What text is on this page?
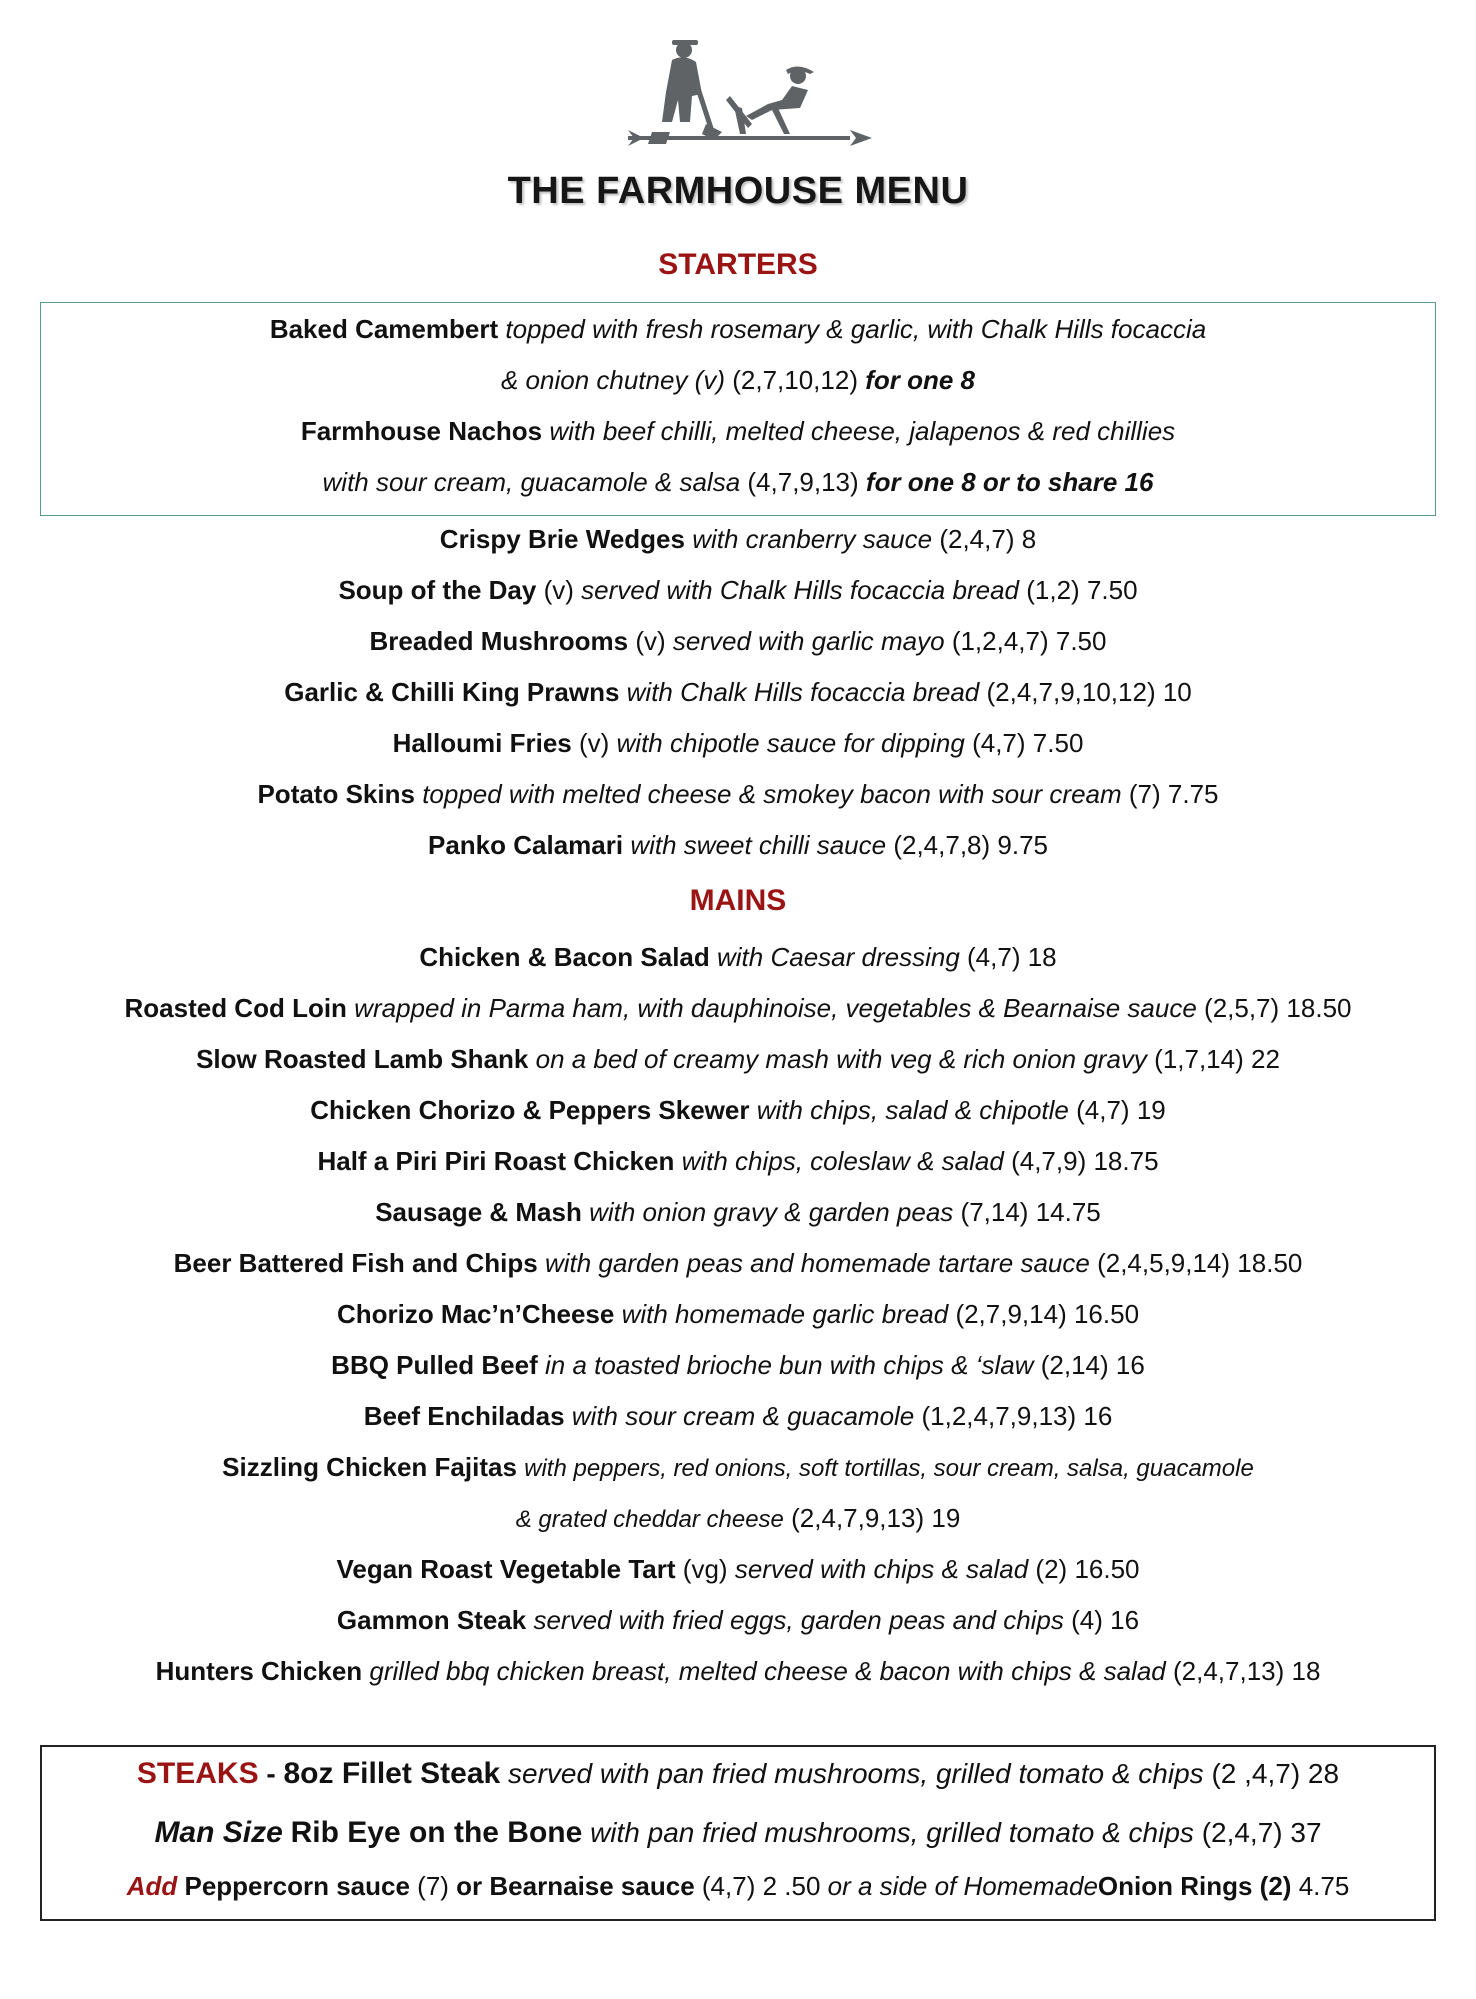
THE FARMHOUSE MENU
STARTERS
Baked Camembert topped with fresh rosemary & garlic, with Chalk Hills focaccia
& onion chutney (v) (2,7,10,12) for one 8
Farmhouse Nachos with beef chilli, melted cheese, jalapenos & red chillies
with sour cream, guacamole & salsa (4,7,9,13) for one 8 or to share 16
Crispy Brie Wedges with cranberry sauce (2,4,7) 8
Soup of the Day (v) served with Chalk Hills focaccia bread (1,2) 7.50
Breaded Mushrooms (v) served with garlic mayo (1,2,4,7) 7.50
Garlic & Chilli King Prawns with Chalk Hills focaccia bread (2,4,7,9,10,12) 10
Halloumi Fries (v) with chipotle sauce for dipping (4,7) 7.50
Potato Skins topped with melted cheese & smokey bacon with sour cream (7) 7.75
Panko Calamari with sweet chilli sauce (2,4,7,8) 9.75
MAINS
Chicken & Bacon Salad with Caesar dressing (4,7) 18
Roasted Cod Loin wrapped in Parma ham, with dauphinoise, vegetables & Bearnaise sauce (2,5,7) 18.50
Slow Roasted Lamb Shank on a bed of creamy mash with veg & rich onion gravy (1,7,14) 22
Chicken Chorizo & Peppers Skewer with chips, salad & chipotle (4,7) 19
Half a Piri Piri Roast Chicken with chips, coleslaw & salad (4,7,9) 18.75
Sausage & Mash with onion gravy & garden peas (7,14) 14.75
Beer Battered Fish and Chips with garden peas and homemade tartare sauce (2,4,5,9,14) 18.50
Chorizo Mac’n’Cheese with homemade garlic bread (2,7,9,14) 16.50
BBQ Pulled Beef in a toasted brioche bun with chips & ‘slaw (2,14) 16
Beef Enchiladas with sour cream & guacamole (1,2,4,7,9,13) 16
Sizzling Chicken Fajitas with peppers, red onions, soft tortillas, sour cream, salsa, guacamole
& grated cheddar cheese (2,4,7,9,13) 19
Vegan Roast Vegetable Tart (vg) served with chips & salad (2) 16.50
Gammon Steak served with fried eggs, garden peas and chips (4) 16
Hunters Chicken grilled bbq chicken breast, melted cheese & bacon with chips & salad (2,4,7,13) 18
STEAKS - 8oz Fillet Steak served with pan fried mushrooms, grilled tomato & chips (2 ,4,7) 28
Man Size Rib Eye on the Bone with pan fried mushrooms, grilled tomato & chips (2,4,7) 37
Add Peppercorn sauce (7) or Bearnaise sauce (4,7) 2 .50 or a side of HomemadeOnion Rings (2) 4.75
